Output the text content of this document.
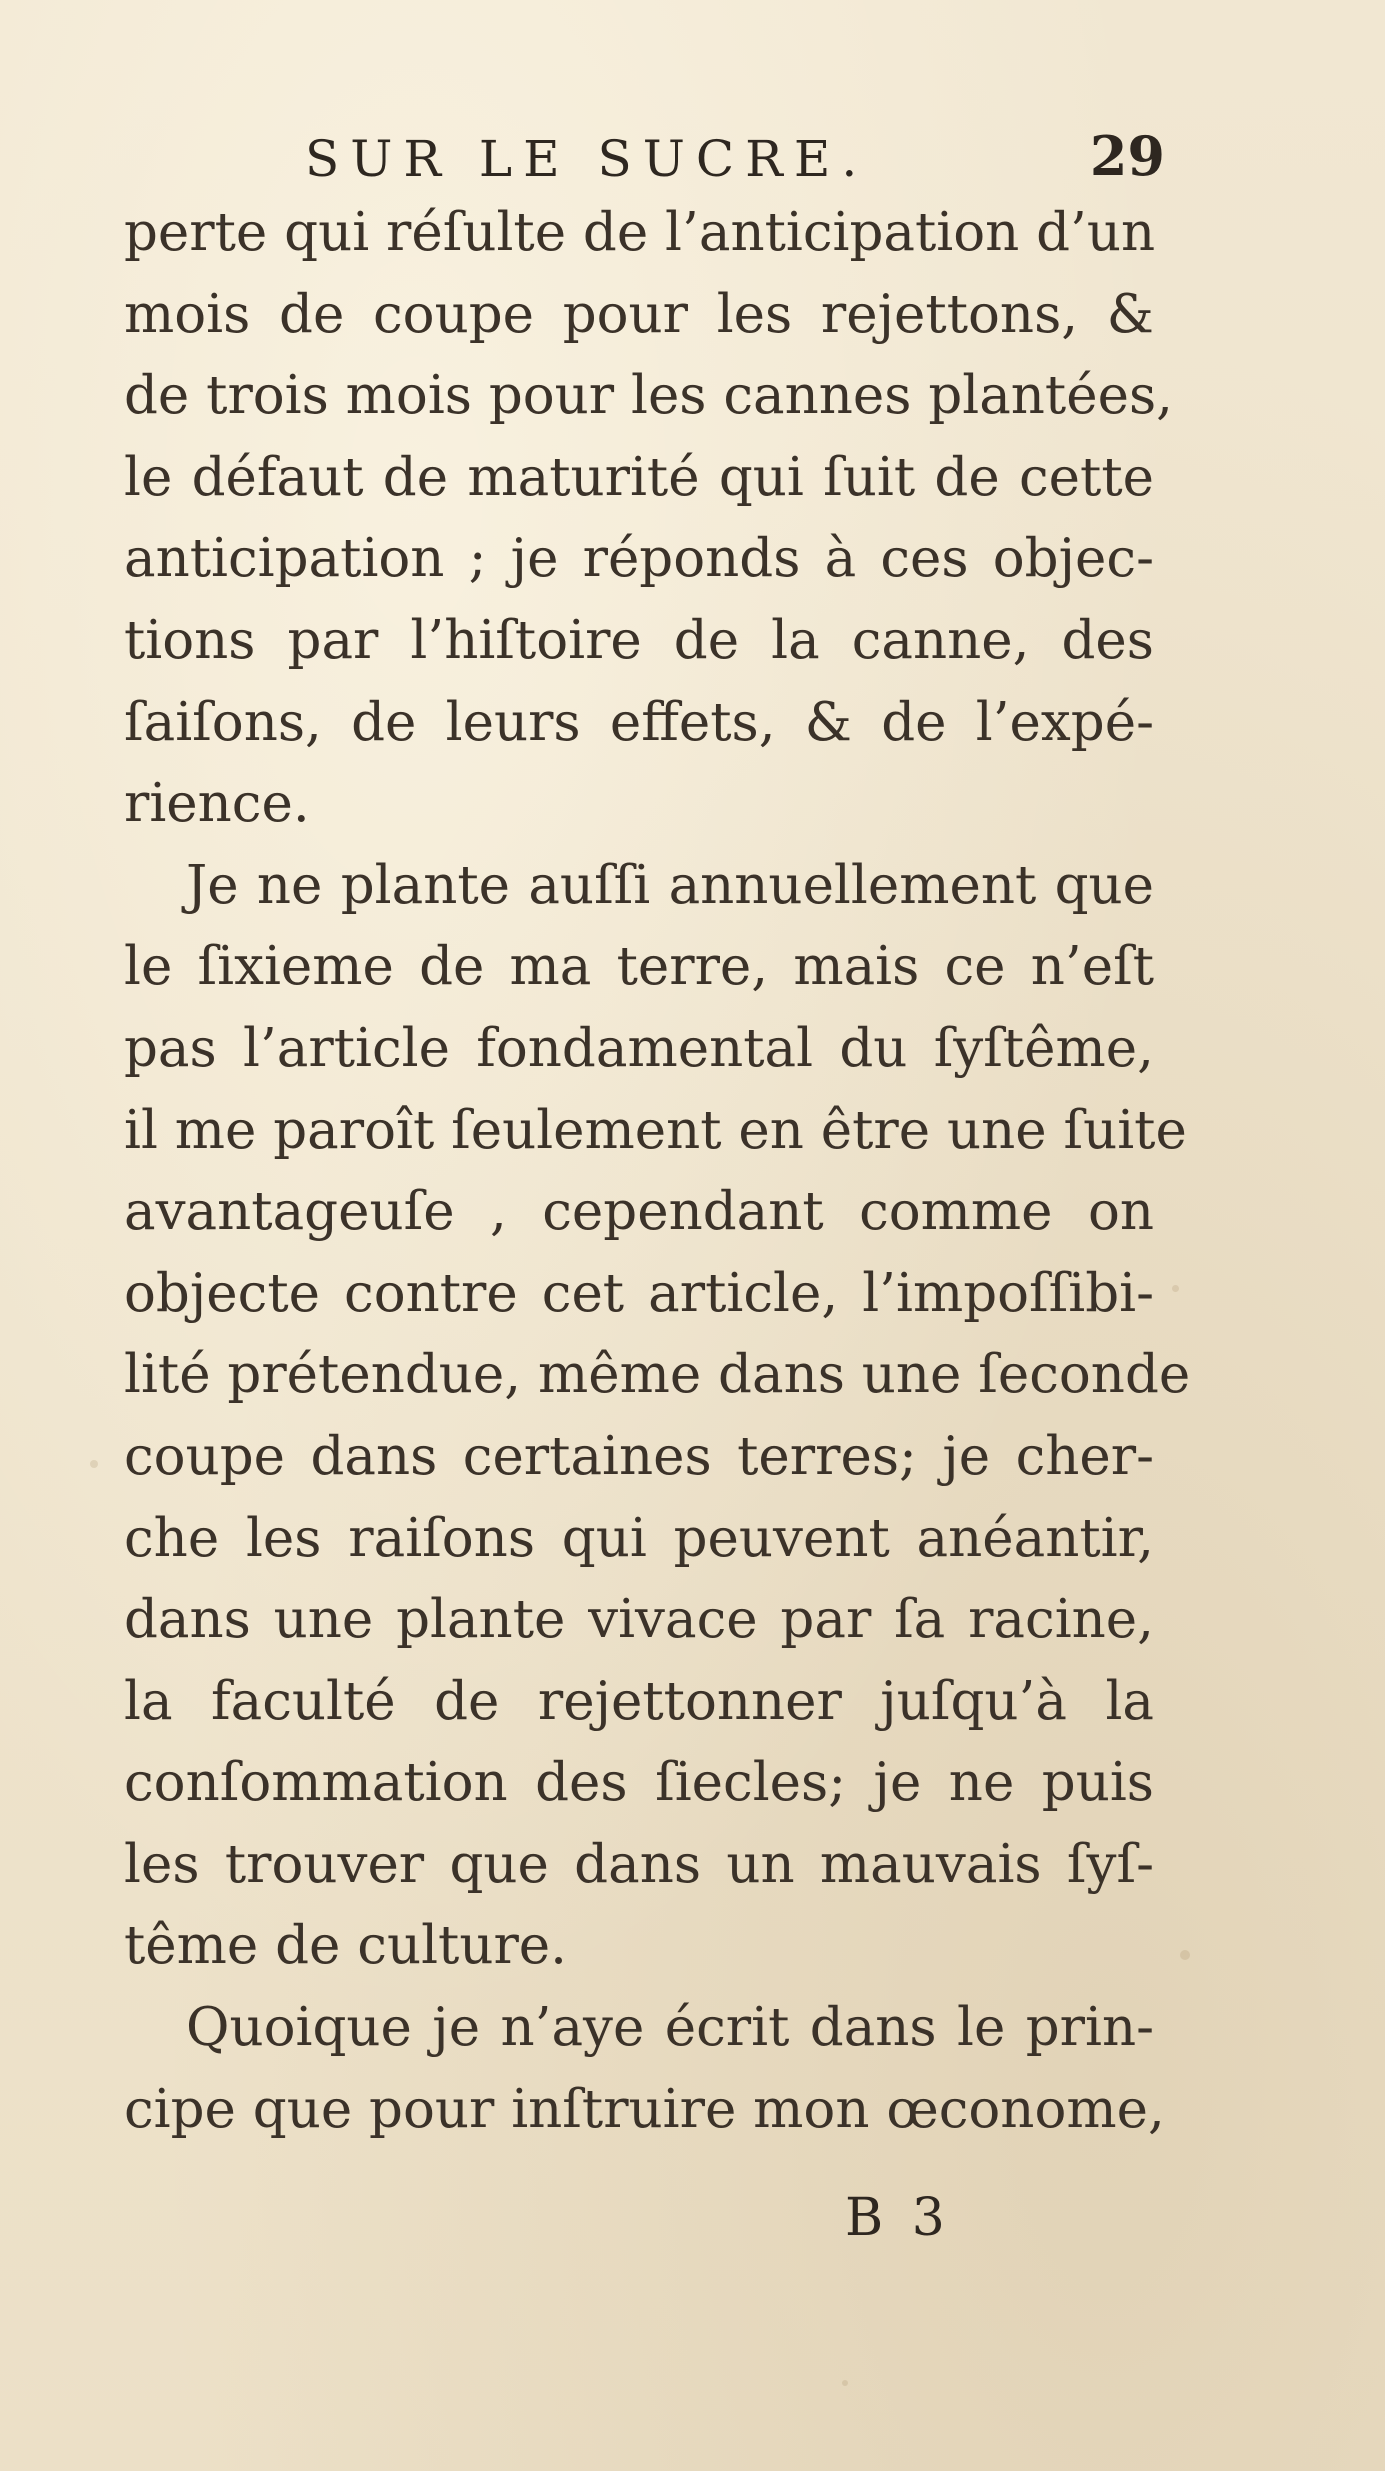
SUR LE SUCRE.	29
perte qui réſulte de l’anticipation d’un
mois de coupe pour les rejettons, &
de trois mois pour les cannes plantées,
le défaut de maturité qui ſuit de cette
anticipation ; je réponds à ces objec-
tions par l’hiſtoire de la canne, des
ſaiſons, de leurs effets, & de l’expé-
rience.
Je ne plante auſſi annuellement que
le ſixieme de ma terre, mais ce n’eſt
pas l’article fondamental du ſyſtême,
il me paroît ſeulement en être une ſuite
avantageuſe , cependant comme on
objecte contre cet article, l’impoſſibi-
lité prétendue, même dans une ſeconde
coupe dans certaines terres; je cher-
che les raiſons qui peuvent anéantir,
dans une plante vivace par ſa racine,
la faculté de rejettonner juſqu’à la
conſommation des ſiecles; je ne puis
les trouver que dans un mauvais ſyſ-
tême de culture.
Quoique je n’aye écrit dans le prin-
cipe que pour inſtruire mon œconome,
B 3
